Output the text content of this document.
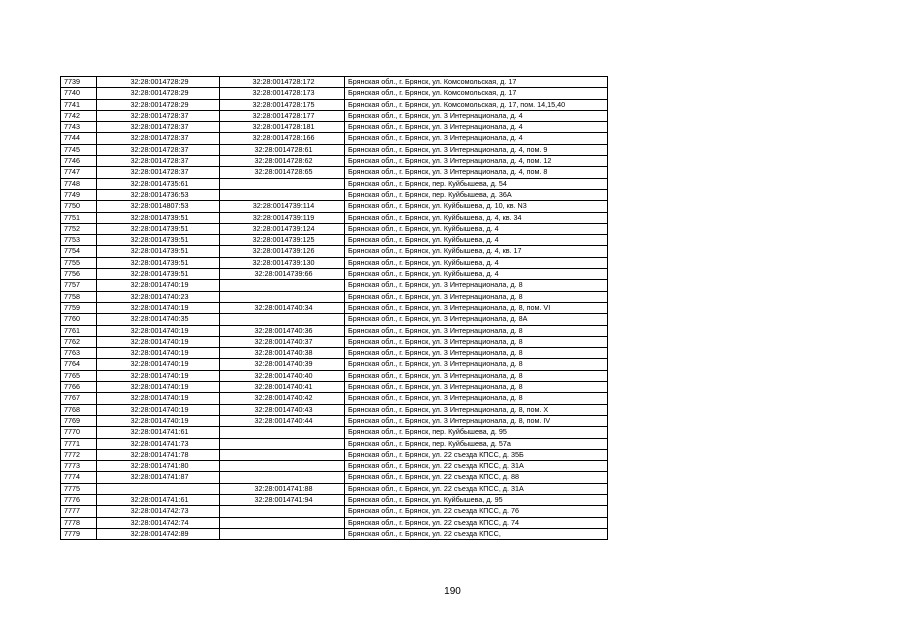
7739	32:28:0014728:29	32:28:0014728:172	Брянская обл., г. Брянск, ул. Комсомольская, д. 17
7740	32:28:0014728:29	32:28:0014728:173	Брянская обл., г. Брянск, ул. Комсомольская, д. 17
7741	32:28:0014728:29	32:28:0014728:175	Брянская обл., г. Брянск, ул. Комсомольская, д. 17, пом. 14,15,40
7742	32:28:0014728:37	32:28:0014728:177	Брянская обл., г. Брянск, ул. 3 Интернационала, д. 4
7743	32:28:0014728:37	32:28:0014728:181	Брянская обл., г. Брянск, ул. 3 Интернационала, д. 4
7744	32:28:0014728:37	32:28:0014728:166	Брянская обл., г. Брянск, ул. 3 Интернационала, д. 4
7745	32:28:0014728:37	32:28:0014728:61	Брянская обл., г. Брянск, ул. 3 Интернационала, д. 4, пом. 9
7746	32:28:0014728:37	32:28:0014728:62	Брянская обл., г. Брянск, ул. 3 Интернационала, д. 4, пом. 12
7747	32:28:0014728:37	32:28:0014728:65	Брянская обл., г. Брянск, ул. 3 Интернационала, д. 4, пом. 8
7748	32:28:0014735:61		Брянская обл., г. Брянск, пер. Куйбышева, д. 54
7749	32:28:0014736:53		Брянская обл., г. Брянск, пер. Куйбышева, д. 36А
7750	32:28:0014807:53	32:28:0014739:114	Брянская обл., г. Брянск, ул. Куйбышева, д. 10, кв. N3
7751	32:28:0014739:51	32:28:0014739:119	Брянская обл., г. Брянск, ул. Куйбышева, д. 4, кв. 34
7752	32:28:0014739:51	32:28:0014739:124	Брянская обл., г. Брянск, ул. Куйбышева, д. 4
7753	32:28:0014739:51	32:28:0014739:125	Брянская обл., г. Брянск, ул. Куйбышева, д. 4
7754	32:28:0014739:51	32:28:0014739:126	Брянская обл., г. Брянск, ул. Куйбышева, д. 4, кв. 17
7755	32:28:0014739:51	32:28:0014739:130	Брянская обл., г. Брянск, ул. Куйбышева, д. 4
7756	32:28:0014739:51	32:28:0014739:66	Брянская обл., г. Брянск, ул. Куйбышева, д. 4
7757	32:28:0014740:19		Брянская обл., г. Брянск, ул. 3 Интернационала, д. 8
7758	32:28:0014740:23		Брянская обл., г. Брянск, ул. 3 Интернационала, д. 8
7759	32:28:0014740:19	32:28:0014740:34	Брянская обл., г. Брянск, ул. 3 Интернационала, д. 8, пом. VI
7760	32:28:0014740:35		Брянская обл., г. Брянск, ул. 3 Интернационала, д. 8А
7761	32:28:0014740:19	32:28:0014740:36	Брянская обл., г. Брянск, ул. 3 Интернационала, д. 8
7762	32:28:0014740:19	32:28:0014740:37	Брянская обл., г. Брянск, ул. 3 Интернационала, д. 8
7763	32:28:0014740:19	32:28:0014740:38	Брянская обл., г. Брянск, ул. 3 Интернационала, д. 8
7764	32:28:0014740:19	32:28:0014740:39	Брянская обл., г. Брянск, ул. 3 Интернационала, д. 8
7765	32:28:0014740:19	32:28:0014740:40	Брянская обл., г. Брянск, ул. 3 Интернационала, д. 8
7766	32:28:0014740:19	32:28:0014740:41	Брянская обл., г. Брянск, ул. 3 Интернационала, д. 8
7767	32:28:0014740:19	32:28:0014740:42	Брянская обл., г. Брянск, ул. 3 Интернационала, д. 8
7768	32:28:0014740:19	32:28:0014740:43	Брянская обл., г. Брянск, ул. 3 Интернационала, д. 8, пом. X
7769	32:28:0014740:19	32:28:0014740:44	Брянская обл., г. Брянск, ул. 3 Интернационала, д. 8, пом. IV
7770	32:28:0014741:61		Брянская обл., г. Брянск, пер. Куйбышева, д. 95
7771	32:28:0014741:73		Брянская обл., г. Брянск, пер. Куйбышева, д. 57а
7772	32:28:0014741:78		Брянская обл., г. Брянск, ул. 22 съезда КПСС, д. 35Б
7773	32:28:0014741:80		Брянская обл., г. Брянск, ул. 22 съезда КПСС, д. 31А
7774	32:28:0014741:87		Брянская обл., г. Брянск, ул. 22 съезда КПСС, д. 88
7775		32:28:0014741:88	Брянская обл., г. Брянск, ул. 22 съезда КПСС, д. 31А
7776	32:28:0014741:61	32:28:0014741:94	Брянская обл., г. Брянск, ул. Куйбышева, д. 95
7777	32:28:0014742:73		Брянская обл., г. Брянск, ул. 22 съезда КПСС, д. 76
7778	32:28:0014742:74		Брянская обл., г. Брянск, ул. 22 съезда КПСС, д. 74
7779	32:28:0014742:89		Брянская обл., г. Брянск, ул. 22 съезда КПСС,
190
